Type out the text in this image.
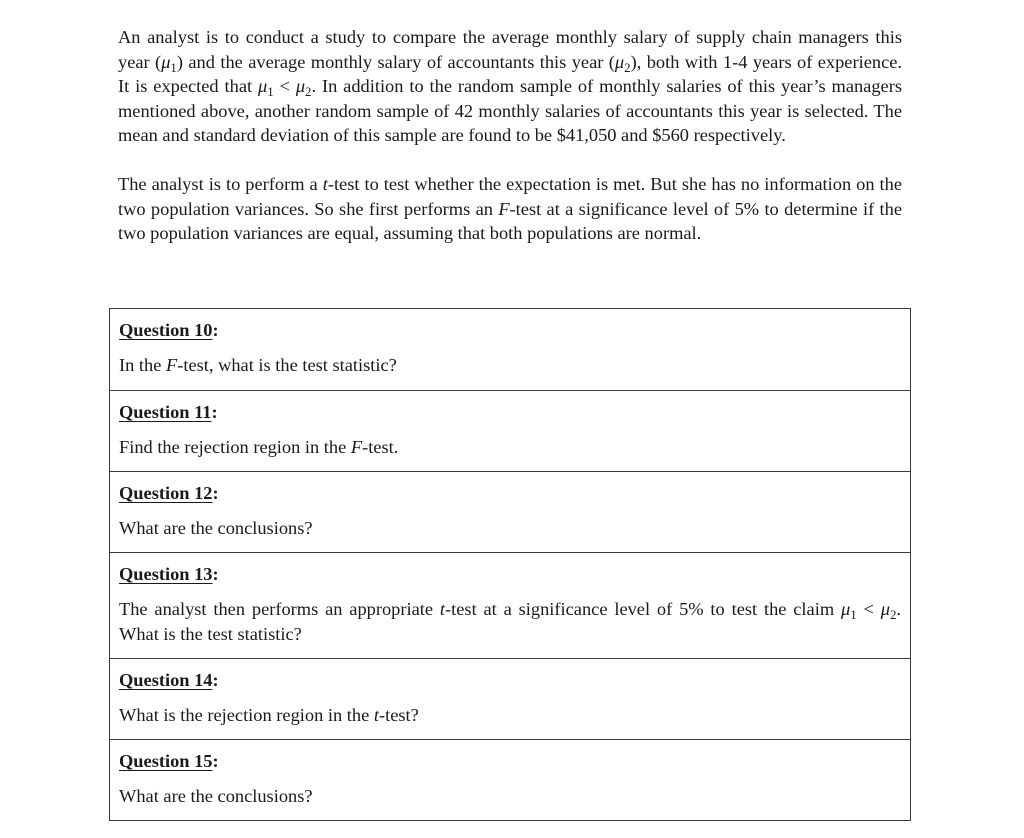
An analyst is to conduct a study to compare the average monthly salary of supply chain managers this year $(\mu_1)$ and the average monthly salary of accountants this year $(\mu_2)$, both with 1-4 years of experience. It is expected that $\mu_1 < \mu_2$. In addition to the random sample of monthly salaries of this year’s managers mentioned above, another random sample of 42 monthly salaries of accountants this year is selected. The mean and standard deviation of this sample are found to be $41,050 and $560 respectively.

The analyst is to perform a t-test to test whether the expectation is met. But she has no information on the two population variances. So she first performs an F-test at a significance level of 5% to determine if the two population variances are equal, assuming that both populations are normal.

Question 10:

In the F-test, what is the test statistic?

Question 11:

Find the rejection region in the F-test.

Question 12:

What are the conclusions?

Question 13:

The analyst then performs an appropriate t-test at a significance level of 5% to test the claim $\mu_1 < \mu_2$. What is the test statistic?

Question 14:

What is the rejection region in the t-test?

Question 15:

What are the conclusions?
